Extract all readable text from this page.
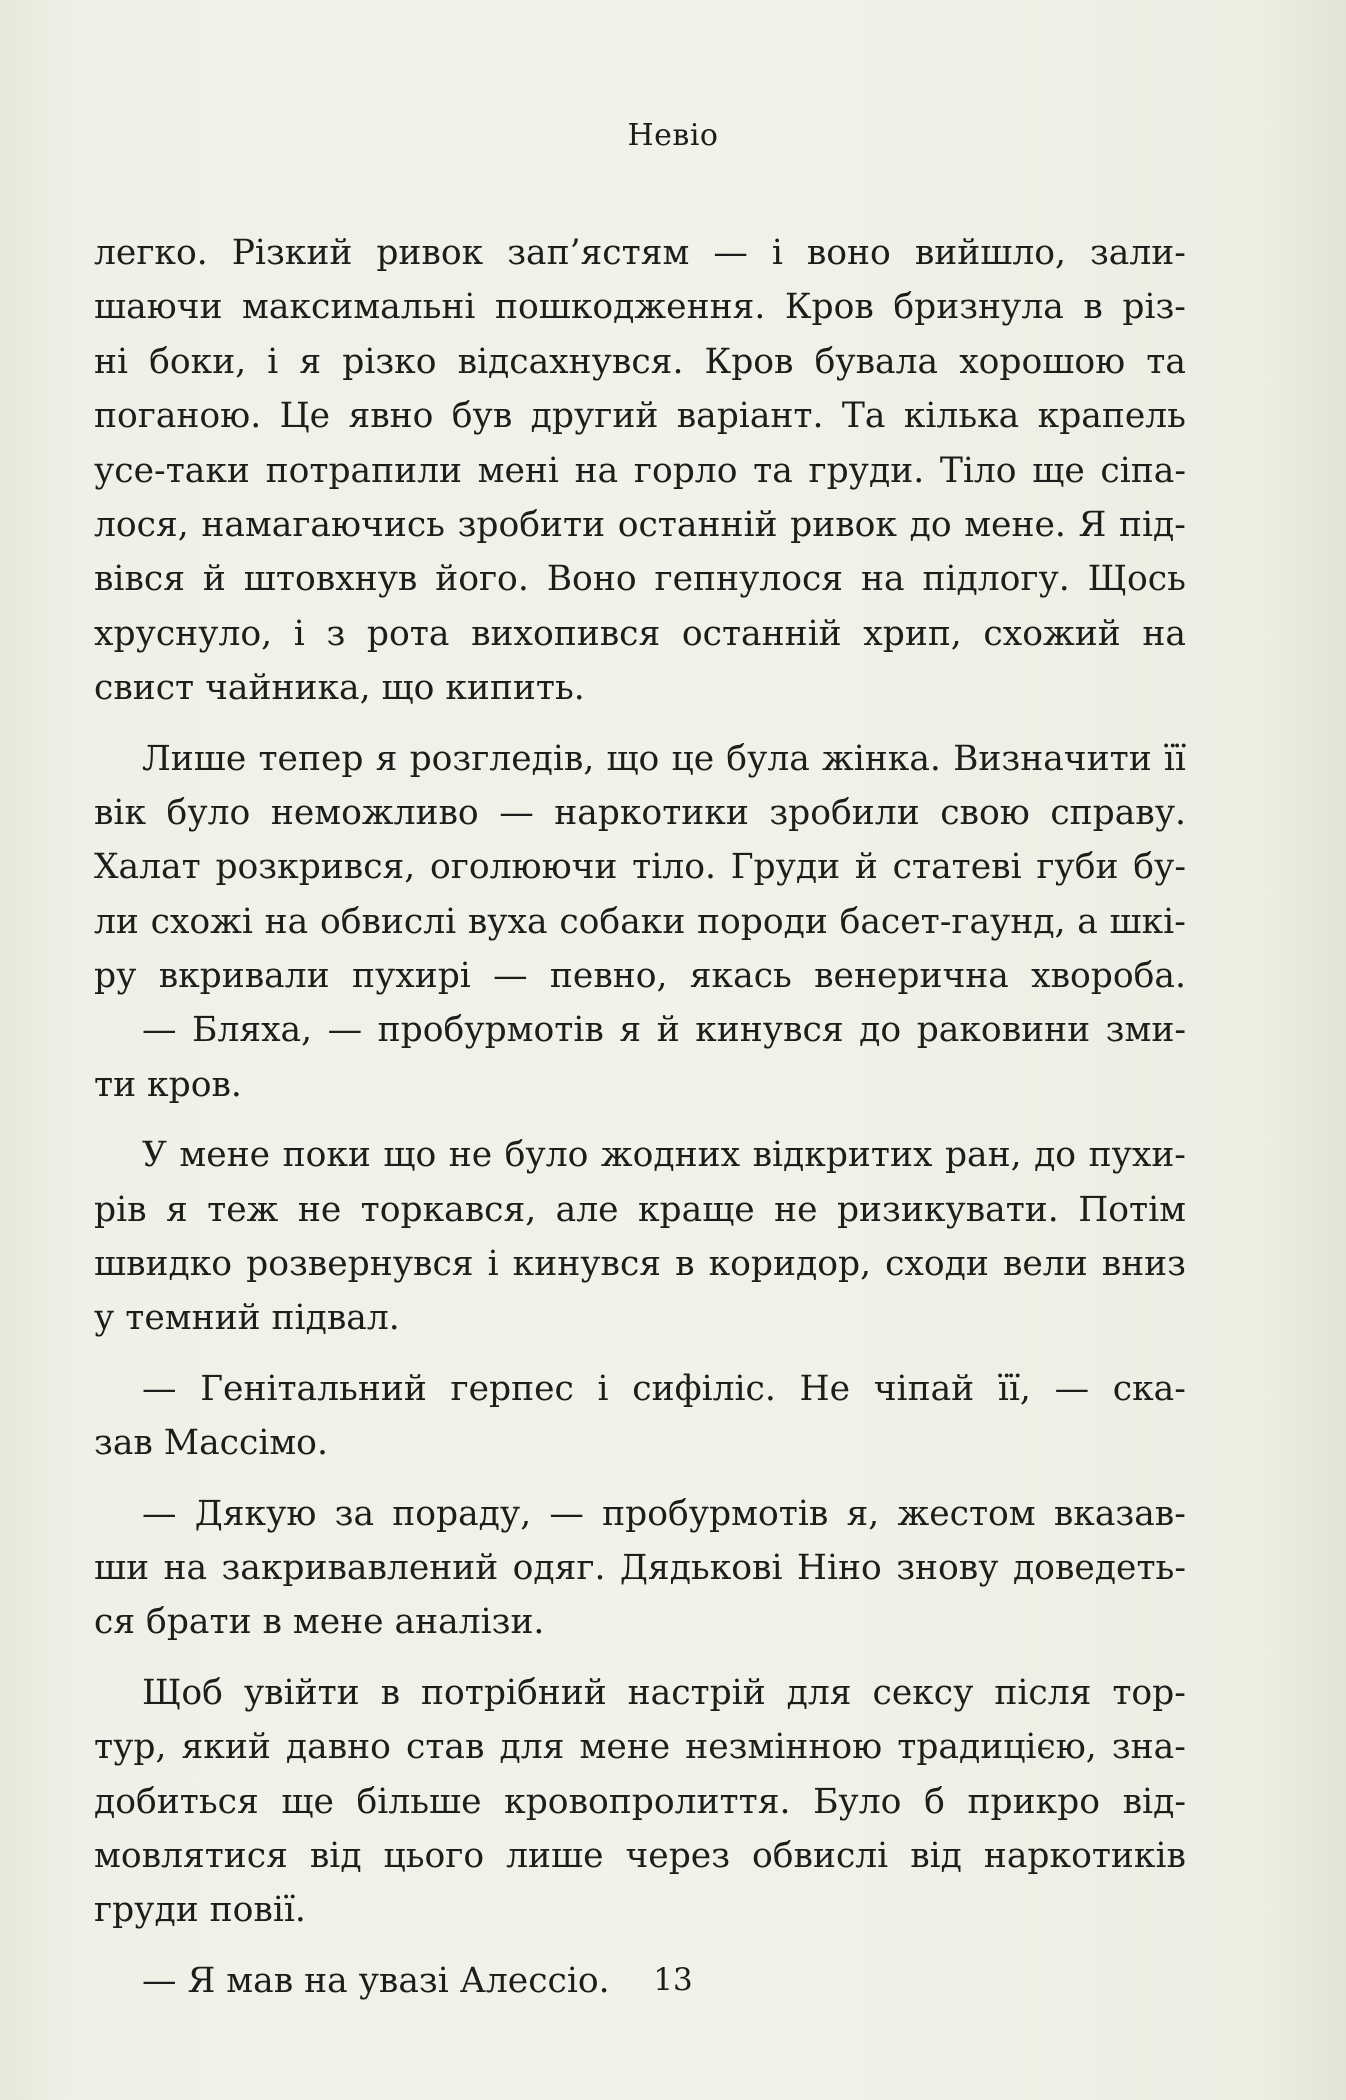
Невіо
легко. Різкий ривок зап’ястям — і воно вийшло, зали-
шаючи максимальні пошкодження. Кров бризнула в різ-
ні боки, і я різко відсахнувся. Кров бувала хорошою та
поганою. Це явно був другий варіант. Та кілька крапель
усе-таки потрапили мені на горло та груди. Тіло ще сіпа-
лося, намагаючись зробити останній ривок до мене. Я під-
вівся й штовхнув його. Воно гепнулося на підлогу. Щось
хруснуло, і з рота вихопився останній хрип, схожий на
свист чайника, що кипить.
Лише тепер я розгледів, що це була жінка. Визначити її
вік було неможливо — наркотики зробили свою справу.
Халат розкрився, оголюючи тіло. Груди й статеві губи бу-
ли схожі на обвислі вуха собаки породи басет-гаунд, а шкі-
ру вкривали пухирі — певно, якась венерична хвороба.
— Бляха, — пробурмотів я й кинувся до раковини зми-
ти кров.
У мене поки що не було жодних відкритих ран, до пухи-
рів я теж не торкався, але краще не ризикувати. Потім
швидко розвернувся і кинувся в коридор, сходи вели вниз
у темний підвал.
— Генітальний герпес і сифіліс. Не чіпай її, — ска-
зав Массімо.
— Дякую за пораду, — пробурмотів я, жестом вказав-
ши на закривавлений одяг. Дядькові Ніно знову доведеть-
ся брати в мене аналізи.
Щоб увійти в потрібний настрій для сексу після тор-
тур, який давно став для мене незмінною традицією, зна-
добиться ще більше кровопролиття. Було б прикро від-
мовлятися від цього лише через обвислі від наркотиків
груди повії.
— Я мав на увазі Алессіо.	13
